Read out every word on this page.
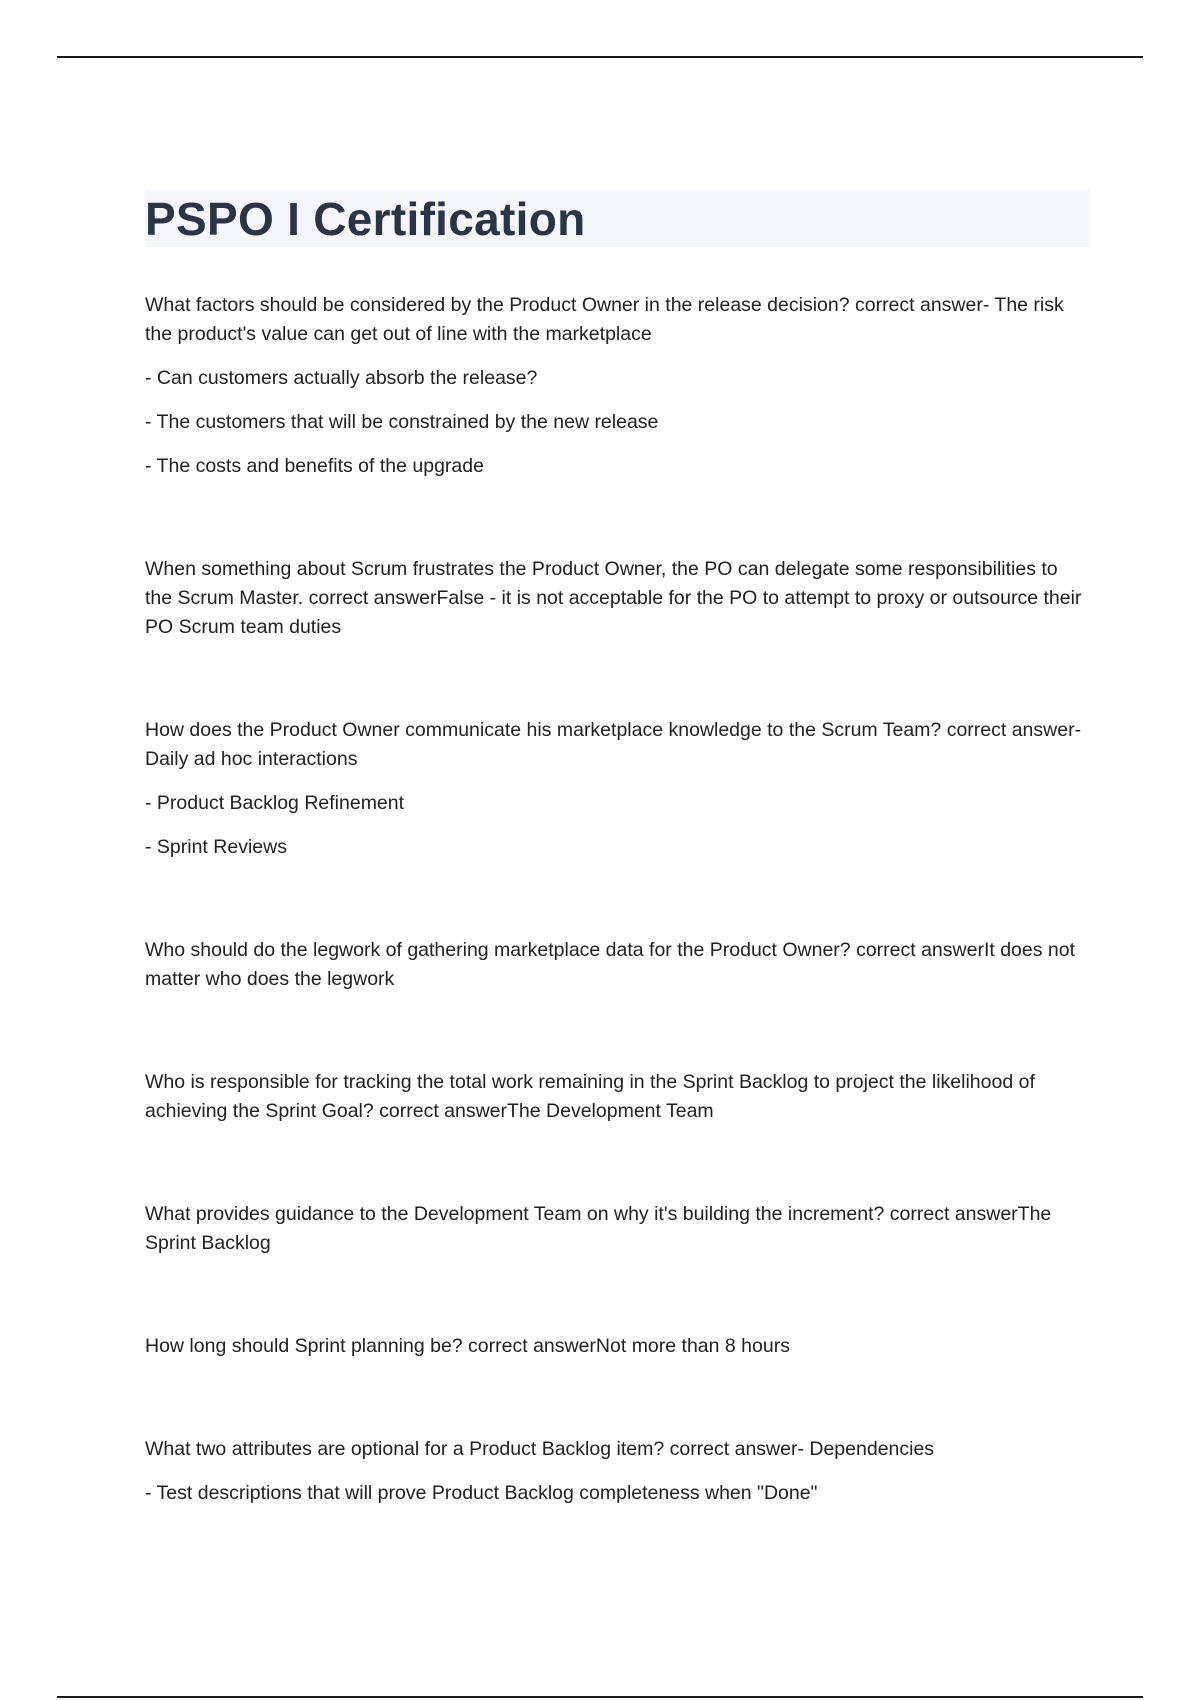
PSPO I Certification

What factors should be considered by the Product Owner in the release decision? correct answer- The risk the product's value can get out of line with the marketplace

- Can customers actually absorb the release?

- The customers that will be constrained by the new release

- The costs and benefits of the upgrade

When something about Scrum frustrates the Product Owner, the PO can delegate some responsibilities to the Scrum Master. correct answerFalse - it is not acceptable for the PO to attempt to proxy or outsource their PO Scrum team duties

How does the Product Owner communicate his marketplace knowledge to the Scrum Team? correct answer- Daily ad hoc interactions

- Product Backlog Refinement

- Sprint Reviews

Who should do the legwork of gathering marketplace data for the Product Owner? correct answerIt does not matter who does the legwork

Who is responsible for tracking the total work remaining in the Sprint Backlog to project the likelihood of achieving the Sprint Goal? correct answerThe Development Team

What provides guidance to the Development Team on why it's building the increment? correct answerThe Sprint Backlog

How long should Sprint planning be? correct answerNot more than 8 hours

What two attributes are optional for a Product Backlog item? correct answer- Dependencies

- Test descriptions that will prove Product Backlog completeness when "Done"
